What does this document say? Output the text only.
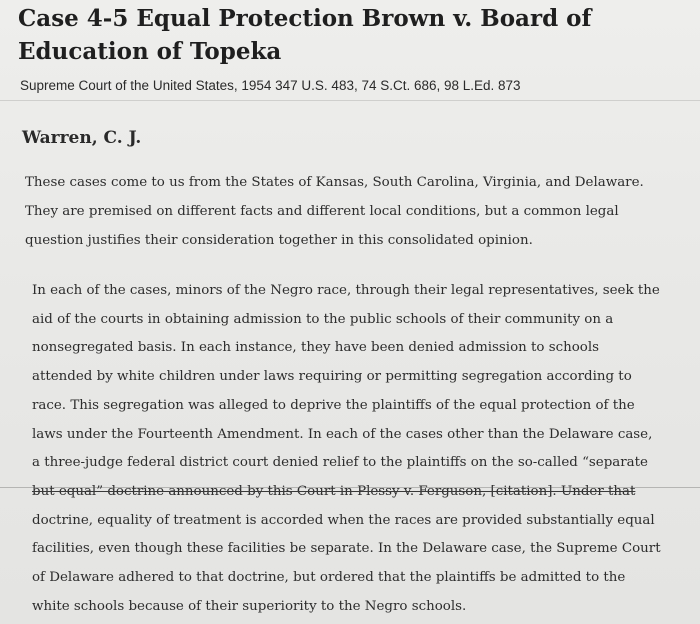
Case 4-5 Equal Protection Brown v. Board of Education of Topeka
Supreme Court of the United States, 1954 347 U.S. 483, 74 S.Ct. 686, 98 L.Ed. 873
Warren, C. J.

These cases come to us from the States of Kansas, South Carolina, Virginia, and Delaware.
They are premised on different facts and different local conditions, but a common legal
question justifies their consideration together in this consolidated opinion.

In each of the cases, minors of the Negro race, through their legal representatives, seek the
aid of the courts in obtaining admission to the public schools of their community on a
nonsegregated basis. In each instance, they have been denied admission to schools
attended by white children under laws requiring or permitting segregation according to
race. This segregation was alleged to deprive the plaintiffs of the equal protection of the
laws under the Fourteenth Amendment. In each of the cases other than the Delaware case,
a three-judge federal district court denied relief to the plaintiffs on the so-called “separate
but equal” doctrine announced by this Court in Plessy v. Ferguson, [citation]. Under that
doctrine, equality of treatment is accorded when the races are provided substantially equal
facilities, even though these facilities be separate. In the Delaware case, the Supreme Court
of Delaware adhered to that doctrine, but ordered that the plaintiffs be admitted to the
white schools because of their superiority to the Negro schools.
